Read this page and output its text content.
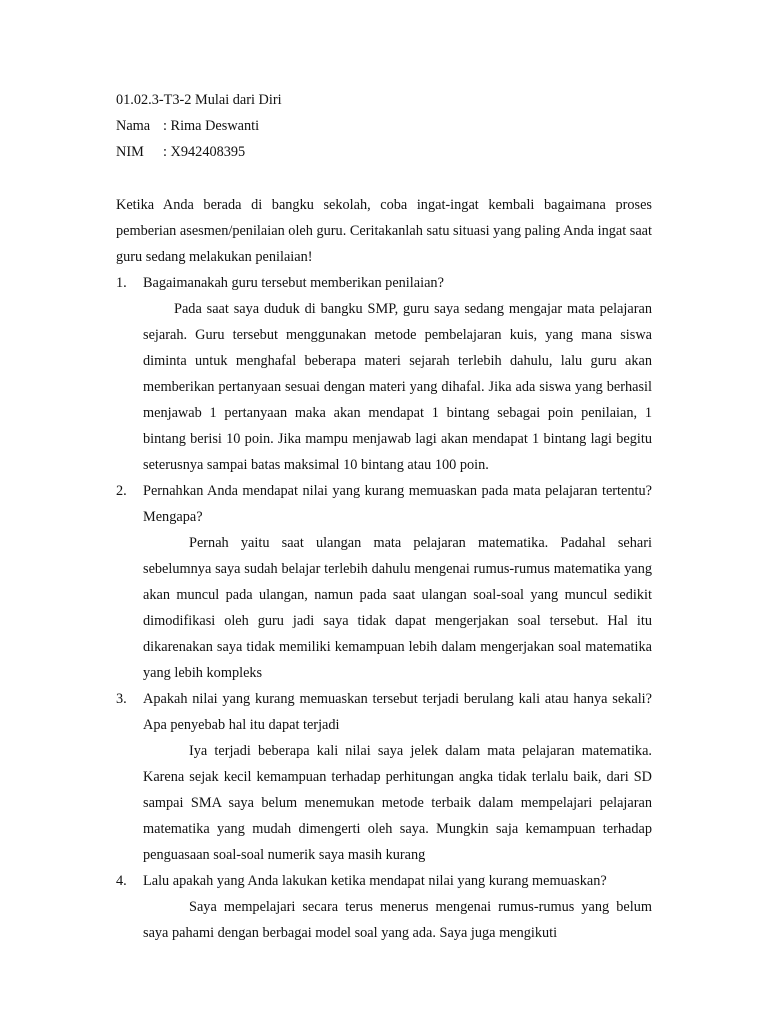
01.02.3-T3-2 Mulai dari Diri
Nama : Rima Deswanti
NIM : X942408395
Ketika Anda berada di bangku sekolah, coba ingat-ingat kembali bagaimana proses pemberian asesmen/penilaian oleh guru. Ceritakanlah satu situasi yang paling Anda ingat saat guru sedang melakukan penilaian!
1. Bagaimanakah guru tersebut memberikan penilaian?
Pada saat saya duduk di bangku SMP, guru saya sedang mengajar mata pelajaran sejarah. Guru tersebut menggunakan metode pembelajaran kuis, yang mana siswa diminta untuk menghafal beberapa materi sejarah terlebih dahulu, lalu guru akan memberikan pertanyaan sesuai dengan materi yang dihafal. Jika ada siswa yang berhasil menjawab 1 pertanyaan maka akan mendapat 1 bintang sebagai poin penilaian, 1 bintang berisi 10 poin. Jika mampu menjawab lagi akan mendapat 1 bintang lagi begitu seterusnya sampai batas maksimal 10 bintang atau 100 poin.
2. Pernahkan Anda mendapat nilai yang kurang memuaskan pada mata pelajaran tertentu? Mengapa?
Pernah yaitu saat ulangan mata pelajaran matematika. Padahal sehari sebelumnya saya sudah belajar terlebih dahulu mengenai rumus-rumus matematika yang akan muncul pada ulangan, namun pada saat ulangan soal-soal yang muncul sedikit dimodifikasi oleh guru jadi saya tidak dapat mengerjakan soal tersebut. Hal itu dikarenakan saya tidak memiliki kemampuan lebih dalam mengerjakan soal matematika yang lebih kompleks
3. Apakah nilai yang kurang memuaskan tersebut terjadi berulang kali atau hanya sekali? Apa penyebab hal itu dapat terjadi
Iya terjadi beberapa kali nilai saya jelek dalam mata pelajaran matematika. Karena sejak kecil kemampuan terhadap perhitungan angka tidak terlalu baik, dari SD sampai SMA saya belum menemukan metode terbaik dalam mempelajari pelajaran matematika yang mudah dimengerti oleh saya. Mungkin saja kemampuan terhadap penguasaan soal-soal numerik saya masih kurang
4. Lalu apakah yang Anda lakukan ketika mendapat nilai yang kurang memuaskan?
Saya mempelajari secara terus menerus mengenai rumus-rumus yang belum saya pahami dengan berbagai model soal yang ada. Saya juga mengikuti
